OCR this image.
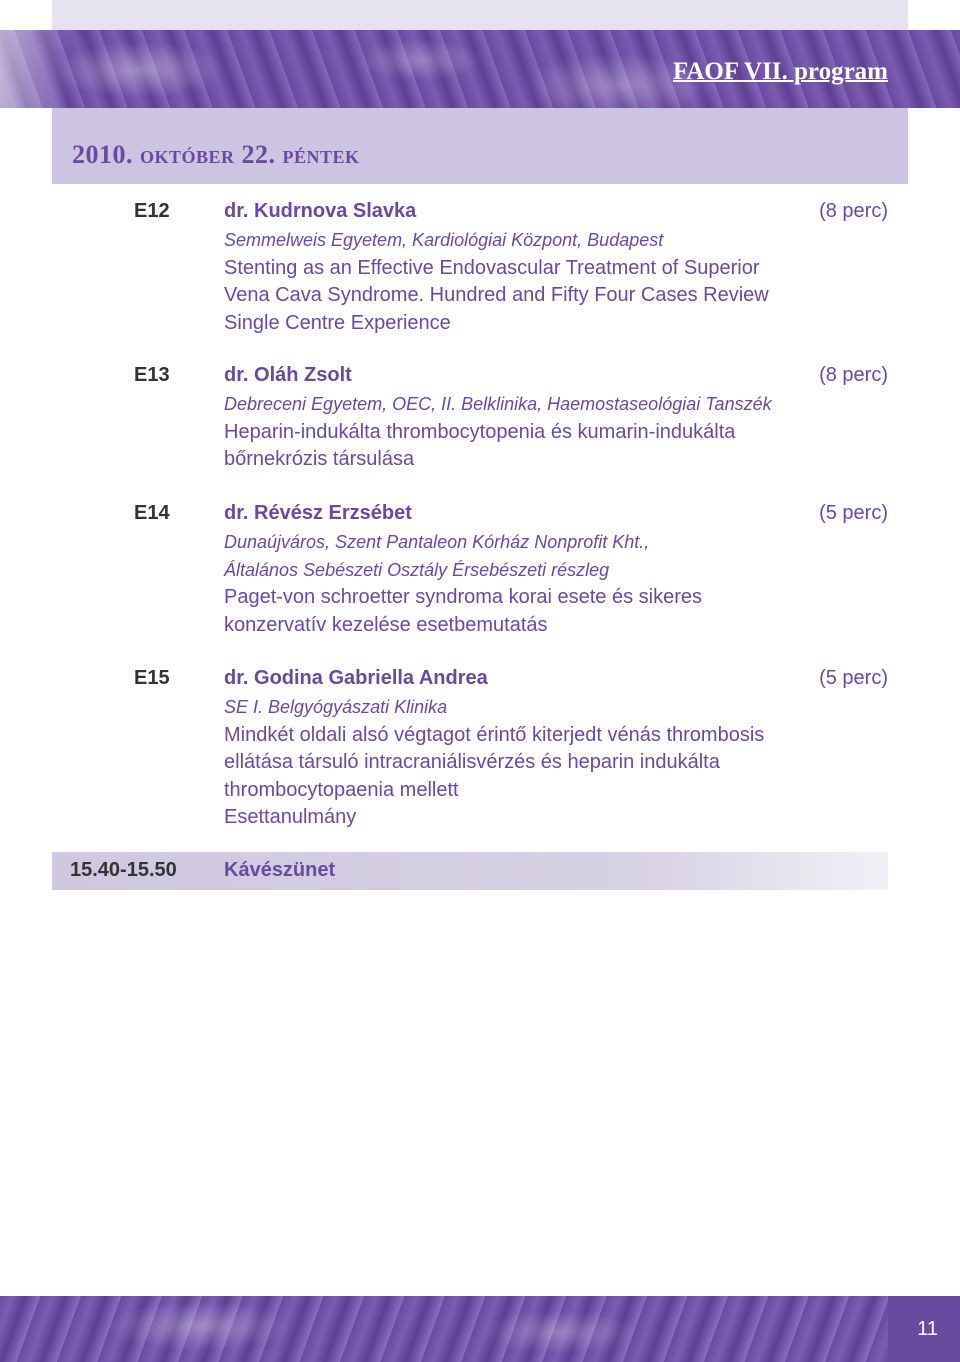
FAOF VII. program
2010. október 22. péntek
E12	dr. Kudrnova Slavka	(8 perc)
Semmelweis Egyetem, Kardiológiai Központ, Budapest
Stenting as an Effective Endovascular Treatment of Superior
Vena Cava Syndrome. Hundred and Fifty Four Cases Review
Single Centre Experience
E13	dr. Oláh Zsolt	(8 perc)
Debreceni Egyetem, OEC, II. Belklinika, Haemostaseológiai Tanszék
Heparin-indukálta thrombocytopenia és kumarin-indukálta
bőrnekrózis társulása
E14	dr. Révész Erzsébet	(5 perc)
Dunaújváros, Szent Pantaleon Kórház Nonprofit Kht.,
Általános Sebészeti Osztály Érsebészeti részleg
Paget-von schroetter syndroma korai esete és sikeres
konzervatív kezelése esetbemutatás
E15	dr. Godina Gabriella Andrea	(5 perc)
SE I. Belgyógyászati Klinika
Mindkét oldali alsó végtagot érintő kiterjedt vénás thrombosis
ellátása társuló intracraniálisvérzés és heparin indukálta
thrombocytopaenia mellett
Esettanulmány
15.40-15.50 Kávészünet
11
